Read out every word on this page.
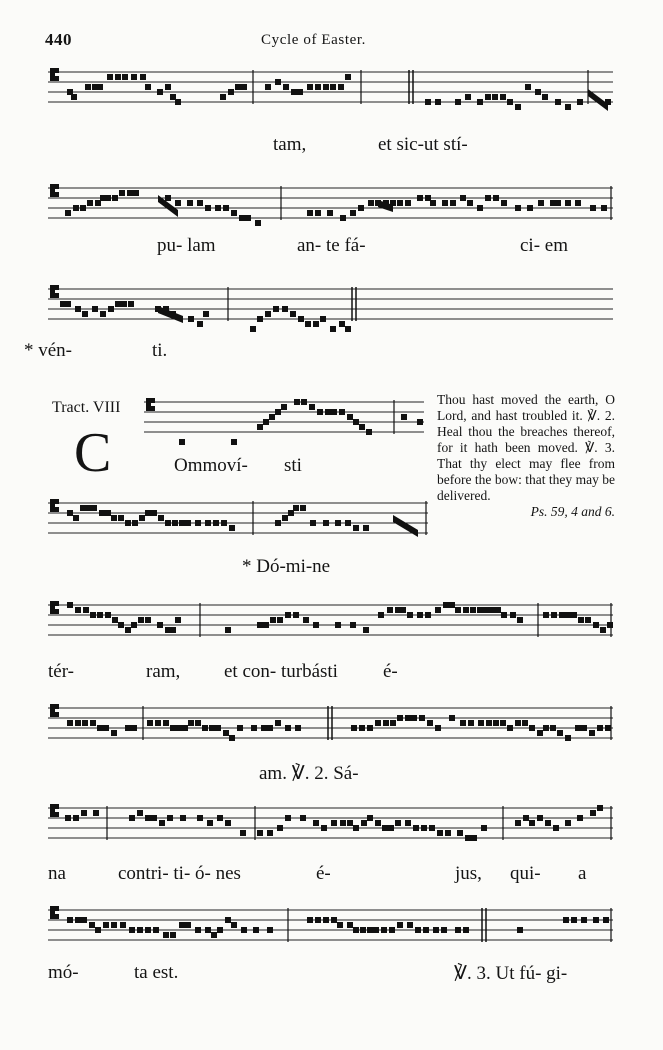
440	Cycle of Easter.
tam,	et sic-ut stí-
pu- lam	an- te fá-	ci- em
* vén-	ti.
Tract. VIII
C	Ommoví- sti
* Dó-mi-ne
Thou hast moved the earth, O Lord, and hast troubled it. ℣. 2. Heal thou the breaches thereof, for it hath been moved. ℣. 3. That thy elect may flee from before the bow: that they may be delivered.
Ps. 59, 4 and 6.
tér-	ram, et con- turbásti é-
am. ℣. 2. Sá-
na	contri- ti- ó- nes	é-	jus, qui- a
mó-	ta est.	℣. 3. Ut fú- gi-
